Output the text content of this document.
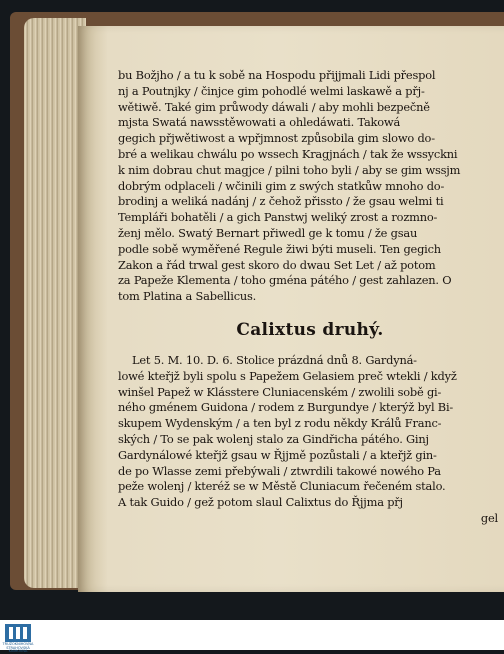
bu Božjho / a tu k sobě na Hospodu přijjmali Lidi přespol
nj a Poutnjky / činjce gim pohodlé welmi laskawě a přj-
wětiwě. Také gim průwody dáwali / aby mohli bezpečně
mjsta Swatá nawsstěwowati a ohledáwati. Takowá
gegich přjwětiwost a wpřjmnost způsobila gim slowo do-
bré a welikau chwálu po wssech Kragjnách / tak že wssyckni
k nim dobrau chut magjce / pilni toho byli / aby se gim wssjm
dobrým odplaceli / wčinili gim z swých statkůw mnoho do-
brodinj a weliká nadánj / z čehož přissto / že gsau welmi ti
Templáři bohatěli / a gich Panstwj weliký zrost a rozmno-
ženj mělo. Swatý Bernart přiwedl ge k tomu / že gsau
podle sobě wyměřené Regule žiwi býti museli. Ten gegich
Zakon a řád trwal gest skoro do dwau Set Let / až potom
za Papeže Klementa / toho gména pátého / gest zahlazen. O
tom Platina a Sabellicus.
Calixtus druhý.
Let 5. M. 10. D. 6. Stolice prázdná dnů 8. Gardyná-
lowé kteřjž byli spolu s Papežem Gelasiem preč wtekli / když
winšel Papež w Klásstere Cluniacenském / zwolili sobě gi-
ného gménem Guidona / rodem z Burgundye / kterýž byl Bi-
skupem Wydenským / a ten byl z rodu někdy Králů Franc-
ských / To se pak wolenj stalo za Gindřicha pátého. Ginj
Gardynálowé kteřjž gsau w Řjjmě pozůstali / a kteřjž gin-
de po Wlasse zemi přebýwali / ztwrdili takowé nowého Pa
peže wolenj / kteréž se w Městě Cluniacum řečeném stalo.
A tak Guido / gež potom slaul Calixtus do Řjjma přj
gel
TRUŽOKNIHOVNA
STRAHOVSKÁ
KNIHOVNA
